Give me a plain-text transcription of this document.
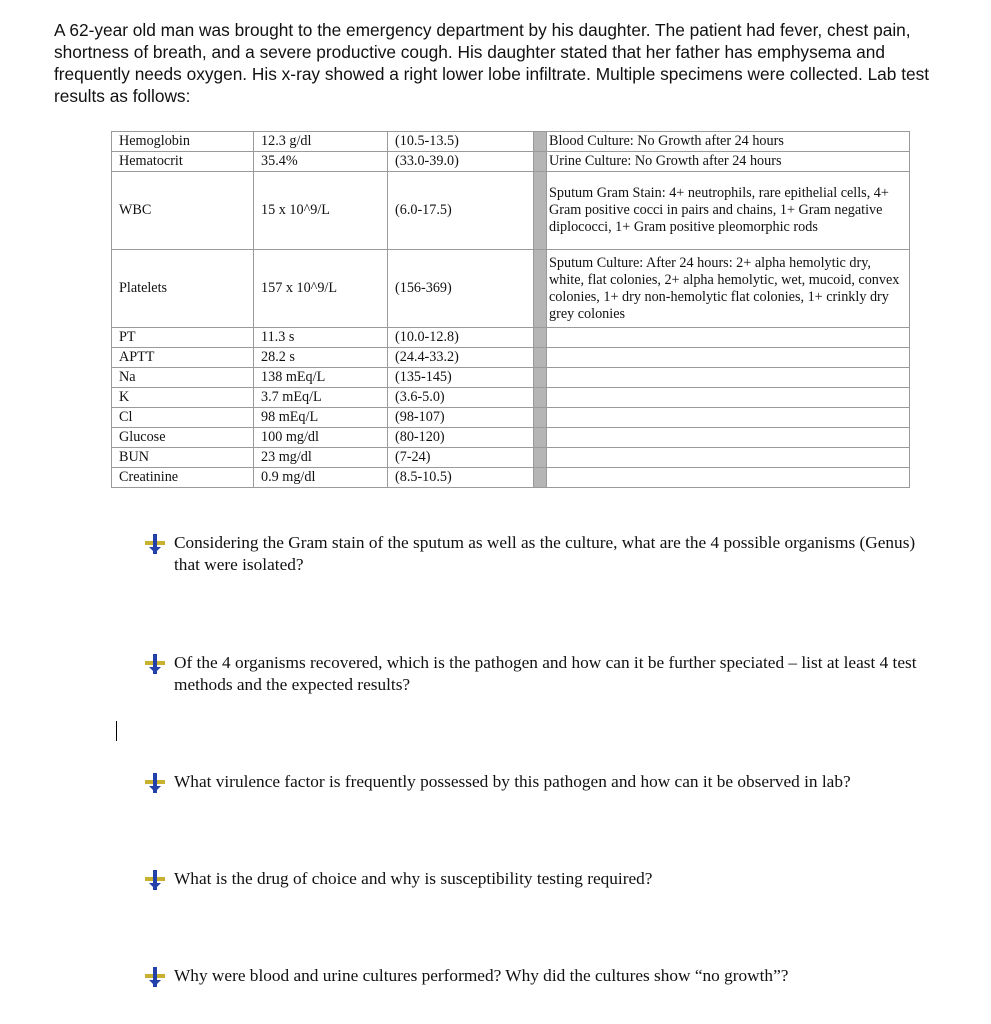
A 62-year old man was brought to the emergency department by his daughter. The patient had fever, chest pain, shortness of breath, and a severe productive cough. His daughter stated that her father has emphysema and frequently needs oxygen. His x-ray showed a right lower lobe infiltrate. Multiple specimens were collected. Lab test results as follows:

Hemoglobin	12.3 g/dl	(10.5-13.5)		Blood Culture: No Growth after 24 hours
Hematocrit	35.4%	(33.0-39.0)		Urine Culture: No Growth after 24 hours
WBC	15 x 10^9/L	(6.0-17.5)		Sputum Gram Stain: 4+ neutrophils, rare epithelial cells, 4+ Gram positive cocci in pairs and chains, 1+ Gram negative diplococci, 1+ Gram positive pleomorphic rods
Platelets	157 x 10^9/L	(156-369)		Sputum Culture: After 24 hours: 2+ alpha hemolytic dry, white, flat colonies, 2+ alpha hemolytic, wet, mucoid, convex colonies, 1+ dry non-hemolytic flat colonies, 1+ crinkly dry grey colonies
PT	11.3 s	(10.0-12.8)		
APTT	28.2 s	(24.4-33.2)		
Na	138 mEq/L	(135-145)		
K	3.7 mEq/L	(3.6-5.0)		
Cl	98 mEq/L	(98-107)		
Glucose	100 mg/dl	(80-120)		
BUN	23 mg/dl	(7-24)		
Creatinine	0.9 mg/dl	(8.5-10.5)		
Considering the Gram stain of the sputum as well as the culture, what are the 4 possible organisms (Genus) that were isolated?
Of the 4 organisms recovered, which is the pathogen and how can it be further speciated – list at least 4 test methods and the expected results?
What virulence factor is frequently possessed by this pathogen and how can it be observed in lab?
What is the drug of choice and why is susceptibility testing required?
Why were blood and urine cultures performed? Why did the cultures show “no growth”?
